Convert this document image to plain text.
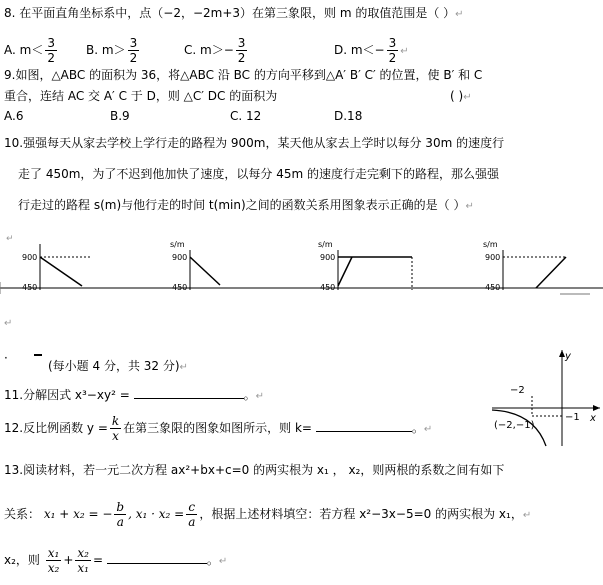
8. 在平面直角坐标系中，点（−2，−2m+3）在第三象限，则 m 的取值范围是（ ）↵
A. $m< \frac{3}{2} B$. $m> \frac{3}{2}$	C. $m>- \frac{3}{2}$	D. $m<- \frac{3}{2}$ ↵
9.如图，△ABC 的面积为 36，将△ABC 沿 BC 的方向平移到△A′ B′ C′ 的位置，使 B′ 和 C
重合，连结 AC 交 A′ C 于 D，则 △C′ DC 的面积为	( )↵
A.6	B.9	C. 12	D.18
10.强强每天从家去学校上学行走的路程为 900m，某天他从家去上学时以每分 30m 的速度行
走了 450m，为了不迟到他加快了速度，以每分 45m 的速度行走完剩下的路程，那么强强
行走过的路程 s(m)与他行走的时间 t(min)之间的函数关系用图象表示正确的是（ ）↵
↵
900
450
s/m
900
450
s/m
900
450
s/m
900
450
↵
·
(每小题 4 分，共 32 分)↵
11.分解因式 x³−xy² =	。↵
12.反比例函数 $y = \frac{k}{x}$ 在第三象限的图象如图所示，则 k=	。↵
y
x
−2
−1
(−2,−1)
13.阅读材料，若一元二次方程 ax²+bx+c=0 的两实根为 x₁ ， x₂，则两根的系数之间有如下
关系： x₁ + x₂ = − $\frac{b}{a}$ , $x_1 \cdot x_2 = \frac{c}{a}$ ，根据上述材料填空：若方程 x²−3x−5=0 的两实根为 x₁，↵
x₂，则 $\frac{\text{x₁}}{\text{x₂}} + \frac{\text{x₂}}{\text{x₁}}$ =	。↵
